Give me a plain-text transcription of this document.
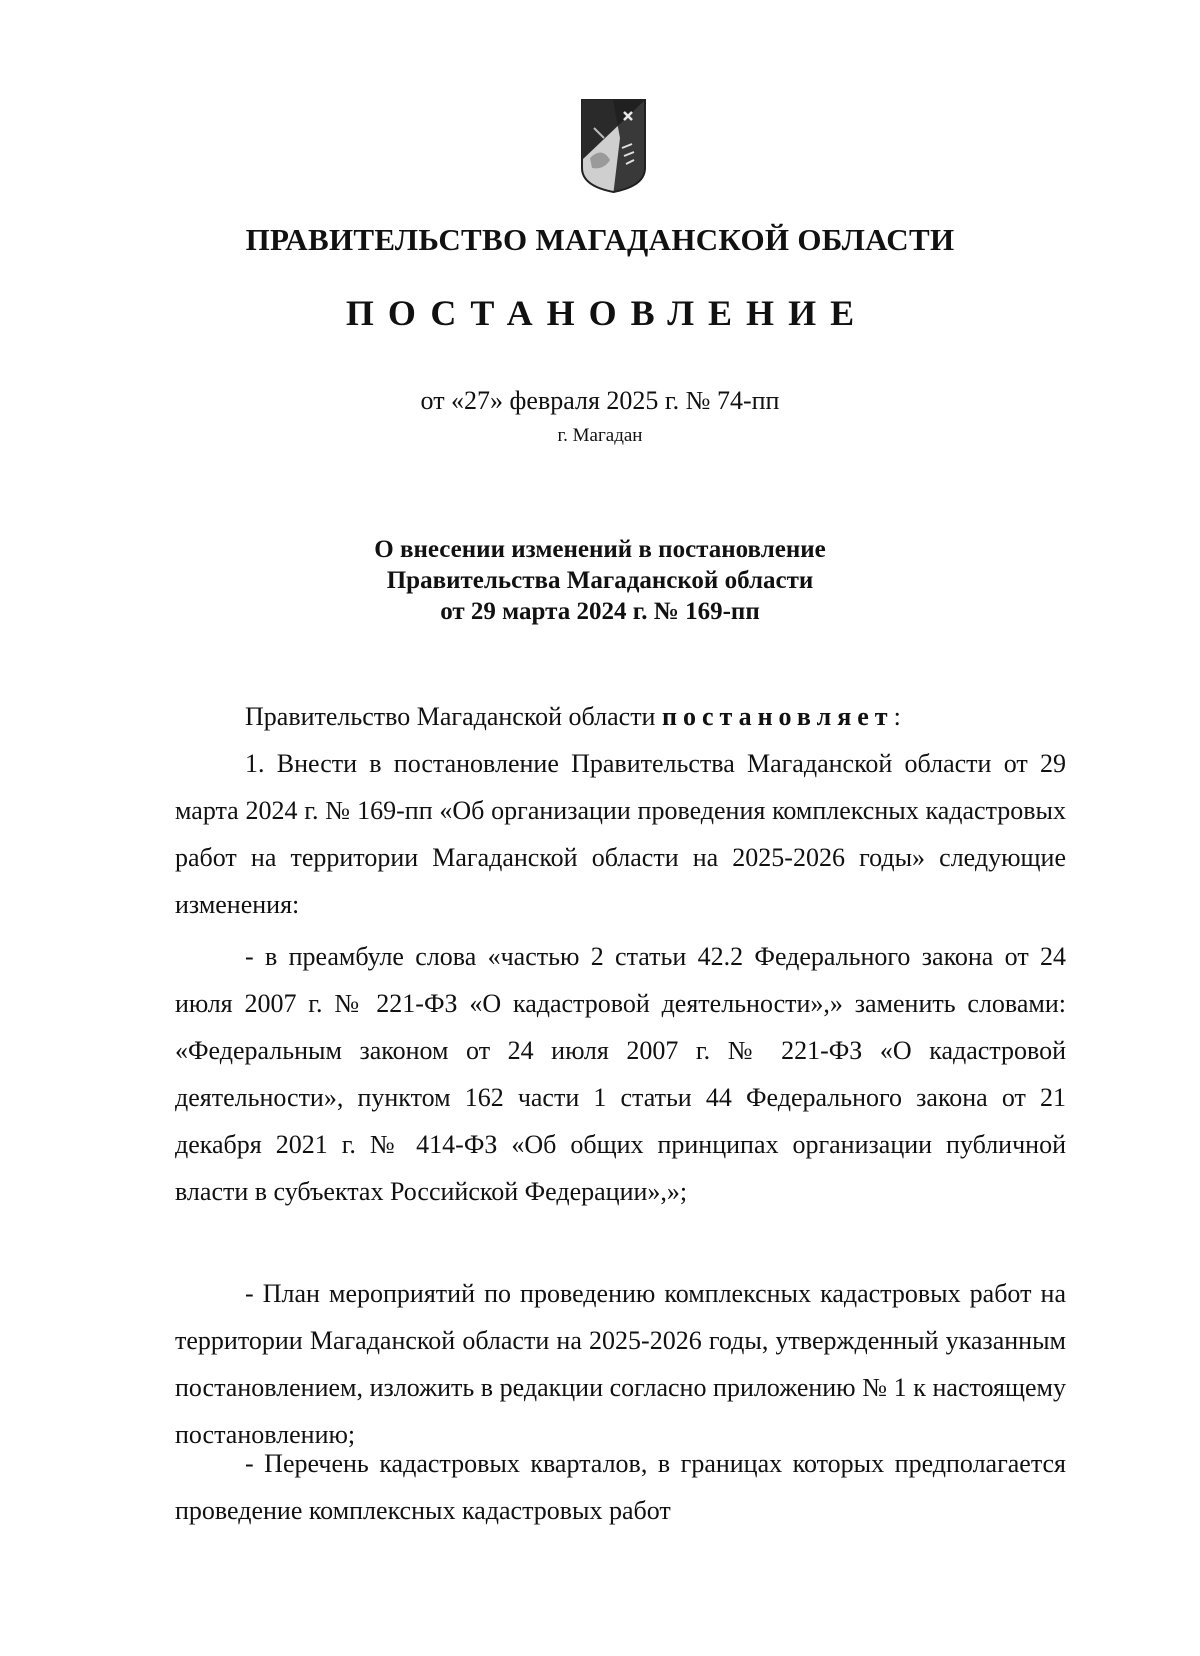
ПРАВИТЕЛЬСТВО МАГАДАНСКОЙ ОБЛАСТИ
ПОСТАНОВЛЕНИЕ
от «27» февраля 2025 г. № 74-пп
г. Магадан
О внесении изменений в постановление
Правительства Магаданской области
от 29 марта 2024 г. № 169-пп
Правительство Магаданской области постановляет:

1. Внести в постановление Правительства Магаданской области от 29 марта 2024 г. № 169-пп «Об организации проведения комплексных кадастровых работ на территории Магаданской области на 2025-2026 годы» следующие изменения:

- в преамбуле слова «частью 2 статьи 42.2 Федерального закона от 24 июля 2007 г. № 221-ФЗ «О кадастровой деятельности»,» заменить словами: «Федеральным законом от 24 июля 2007 г. № 221-ФЗ «О кадастровой деятельности», пунктом 162 части 1 статьи 44 Федерального закона от 21 декабря 2021 г. № 414-ФЗ «Об общих принципах организации публичной власти в субъектах Российской Федерации»,»;

- План мероприятий по проведению комплексных кадастровых работ на территории Магаданской области на 2025-2026 годы, утвержденный указанным постановлением, изложить в редакции согласно приложению № 1 к настоящему постановлению;

- Перечень кадастровых кварталов, в границах которых предполагается проведение комплексных кадастровых работ
